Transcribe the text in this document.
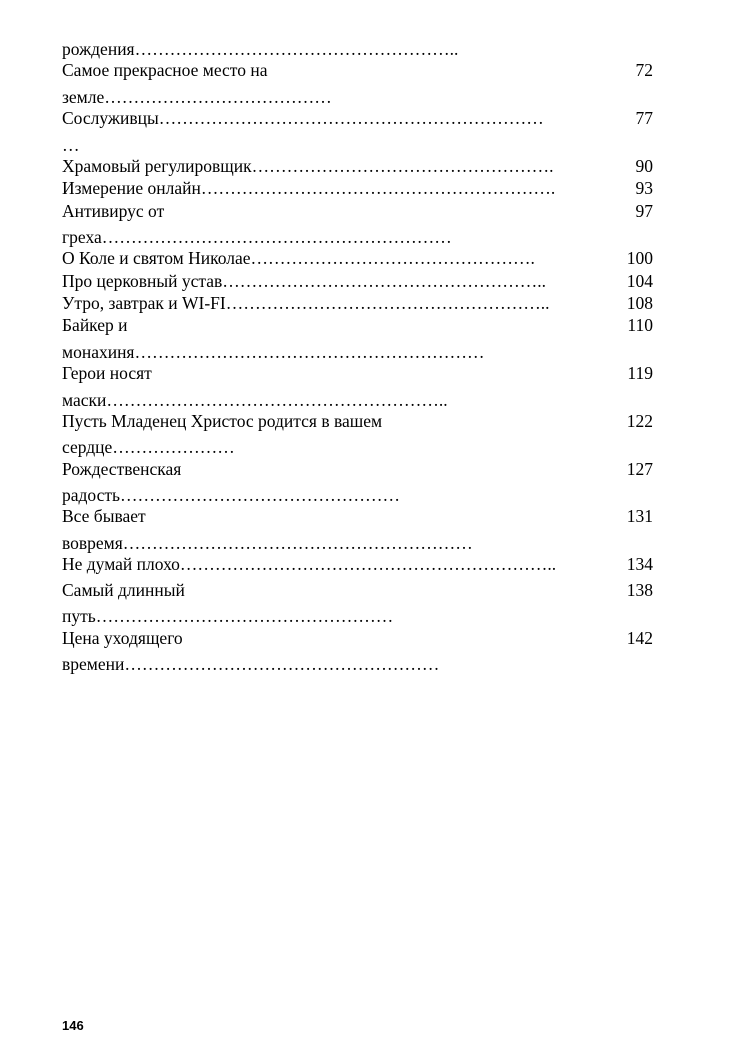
рождения………………………………………………..
Самое прекрасное место на	72
земле…………………………………
Сослуживцы…………………………………………………………	77
…
Храмовый регулировщик…………………………………………….	90
Измерение онлайн…………………………………………………….	93
Антивирус от	97
греха……………………………………………………
О Коле и святом Николае………………………………………….	100
Про церковный устав………………………………………………..	104
Утро, завтрак и WI-FI………………………………………………..	108
Байкер и	110
монахиня……………………………………………………
Герои носят	119
маски…………………………………………………..
Пусть Младенец Христос родится в вашем	122
сердце…………………
Рождественская	127
радость…………………………………………
Все бывает	131
вовремя……………………………………………………
Не думай плохо………………………………………………………..	134
Самый длинный	138
путь……………………………………………
Цена уходящего	142
времени………………………………………………
146
